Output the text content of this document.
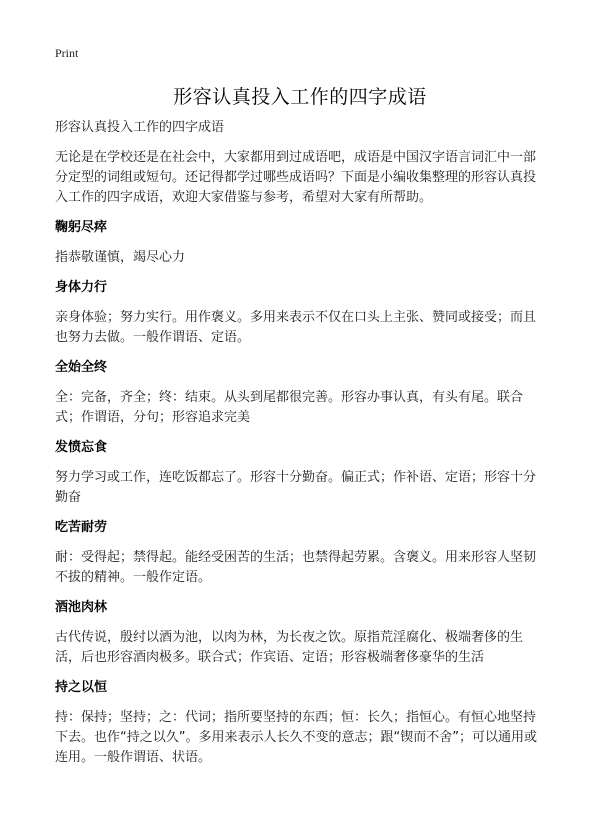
Print
形容认真投入工作的四字成语

形容认真投入工作的四字成语

无论是在学校还是在社会中，大家都用到过成语吧，成语是中国汉字语言词汇中一部分定型的词组或短句。还记得都学过哪些成语吗？下面是小编收集整理的形容认真投入工作的四字成语，欢迎大家借鉴与参考，希望对大家有所帮助。

鞠躬尽瘁

指恭敬谨慎，竭尽心力

身体力行

亲身体验；努力实行。用作褒义。多用来表示不仅在口头上主张、赞同或接受；而且也努力去做。一般作谓语、定语。

全始全终

全：完备，齐全；终：结束。从头到尾都很完善。形容办事认真，有头有尾。联合式；作谓语，分句；形容追求完美

发愤忘食

努力学习或工作，连吃饭都忘了。形容十分勤奋。偏正式；作补语、定语；形容十分勤奋

吃苦耐劳

耐：受得起；禁得起。能经受困苦的生活；也禁得起劳累。含褒义。用来形容人坚韧不拔的精神。一般作定语。

酒池肉林

古代传说，殷纣以酒为池，以肉为林，为长夜之饮。原指荒淫腐化、极端奢侈的生活，后也形容酒肉极多。联合式；作宾语、定语；形容极端奢侈豪华的生活

持之以恒

持：保持；坚持；之：代词；指所要坚持的东西；恒：长久；指恒心。有恒心地坚持下去。也作“持之以久”。多用来表示人长久不变的意志；跟“锲而不舍”；可以通用或连用。一般作谓语、状语。
